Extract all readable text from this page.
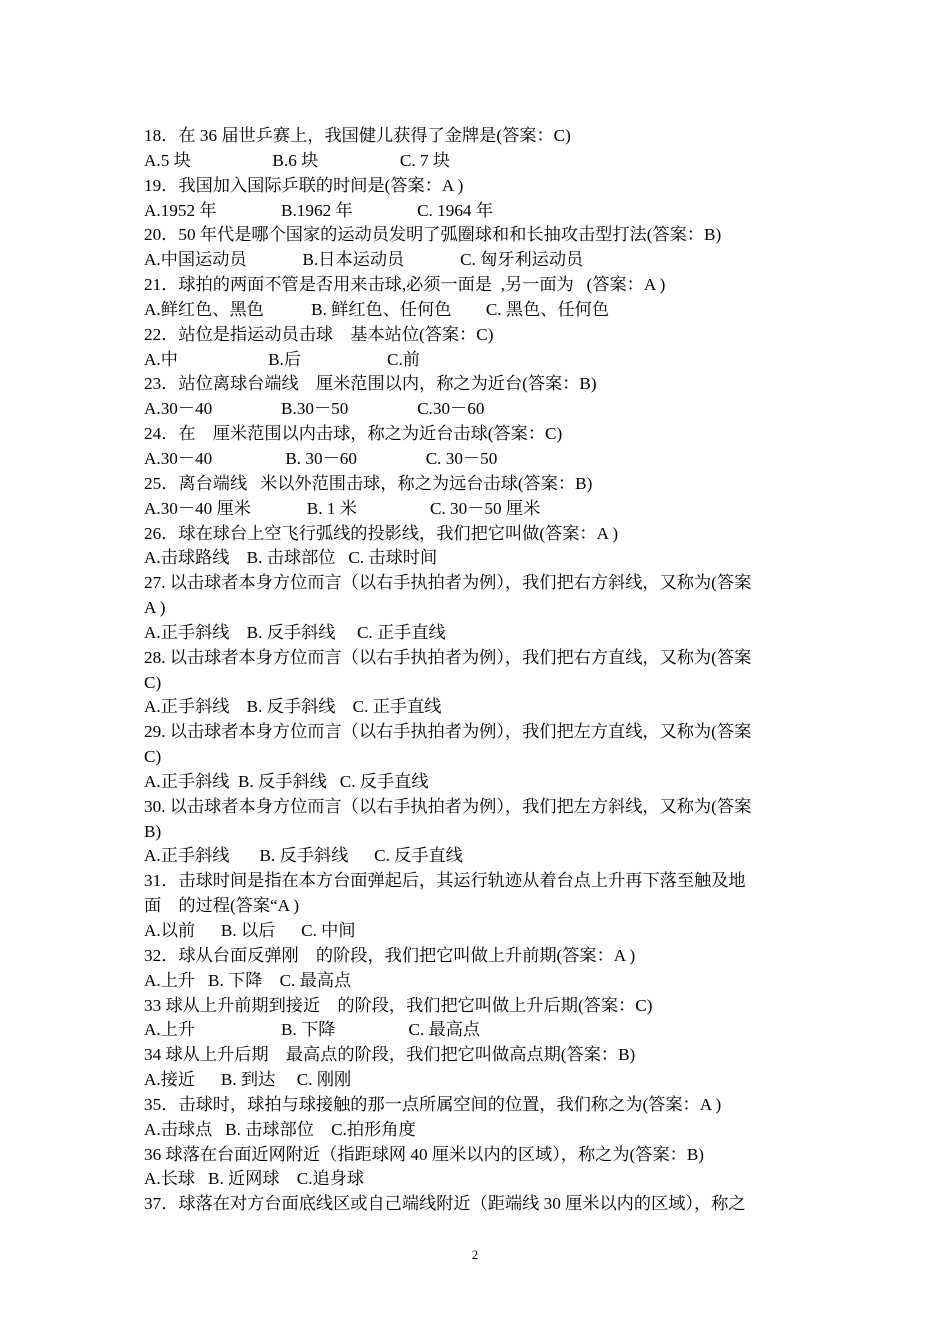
18．在 36 届世乒赛上，我国健儿获得了金牌是(答案：C)
A.5 块                   B.6 块                   C. 7 块
19．我国加入国际乒联的时间是(答案：A )
A.1952 年               B.1962 年               C. 1964 年
20．50 年代是哪个国家的运动员发明了弧圈球和和长抽攻击型打法(答案：B)
A.中国运动员             B.日本运动员             C. 匈牙利运动员
21．球拍的两面不管是否用来击球,必须一面是  ,另一面为   (答案：A )
A.鲜红色、黑色           B. 鲜红色、任何色        C. 黑色、任何色
22．站位是指运动员击球    基本站位(答案：C)
A.中                     B.后                    C.前
23．站位离球台端线    厘米范围以内，称之为近台(答案：B)
A.30－40                B.30－50                C.30－60
24．在    厘米范围以内击球，称之为近台击球(答案：C)
A.30－40                 B. 30－60                C. 30－50
25．离台端线   米以外范围击球，称之为远台击球(答案：B)
A.30－40 厘米             B. 1 米                 C. 30－50 厘米
26．球在球台上空飞行弧线的投影线，我们把它叫做(答案：A )
A.击球路线    B. 击球部位   C. 击球时间
27. 以击球者本身方位而言（以右手执拍者为例），我们把右方斜线，又称为(答案
A )
A.正手斜线    B. 反手斜线     C. 正手直线
28. 以击球者本身方位而言（以右手执拍者为例），我们把右方直线，又称为(答案
C)
A.正手斜线    B. 反手斜线    C. 正手直线
29. 以击球者本身方位而言（以右手执拍者为例），我们把左方直线，又称为(答案
C)
A.正手斜线  B. 反手斜线   C. 反手直线
30. 以击球者本身方位而言（以右手执拍者为例），我们把左方斜线，又称为(答案
B)
A.正手斜线       B. 反手斜线      C. 反手直线
31．击球时间是指在本方台面弹起后，其运行轨迹从着台点上升再下落至触及地
面    的过程(答案“A )
A.以前      B. 以后      C. 中间
32．球从台面反弹刚    的阶段，我们把它叫做上升前期(答案：A )
A.上升   B. 下降    C. 最高点
33 球从上升前期到接近    的阶段，我们把它叫做上升后期(答案：C)
A.上升                    B. 下降                 C. 最高点
34 球从上升后期    最高点的阶段，我们把它叫做高点期(答案：B)
A.接近      B. 到达     C. 刚刚
35．击球时，球拍与球接触的那一点所属空间的位置，我们称之为(答案：A )
A.击球点   B. 击球部位    C.拍形角度
36 球落在台面近网附近（指距球网 40 厘米以内的区域），称之为(答案：B)
A.长球   B. 近网球    C.追身球
37．球落在对方台面底线区或自己端线附近（距端线 30 厘米以内的区域），称之
2
